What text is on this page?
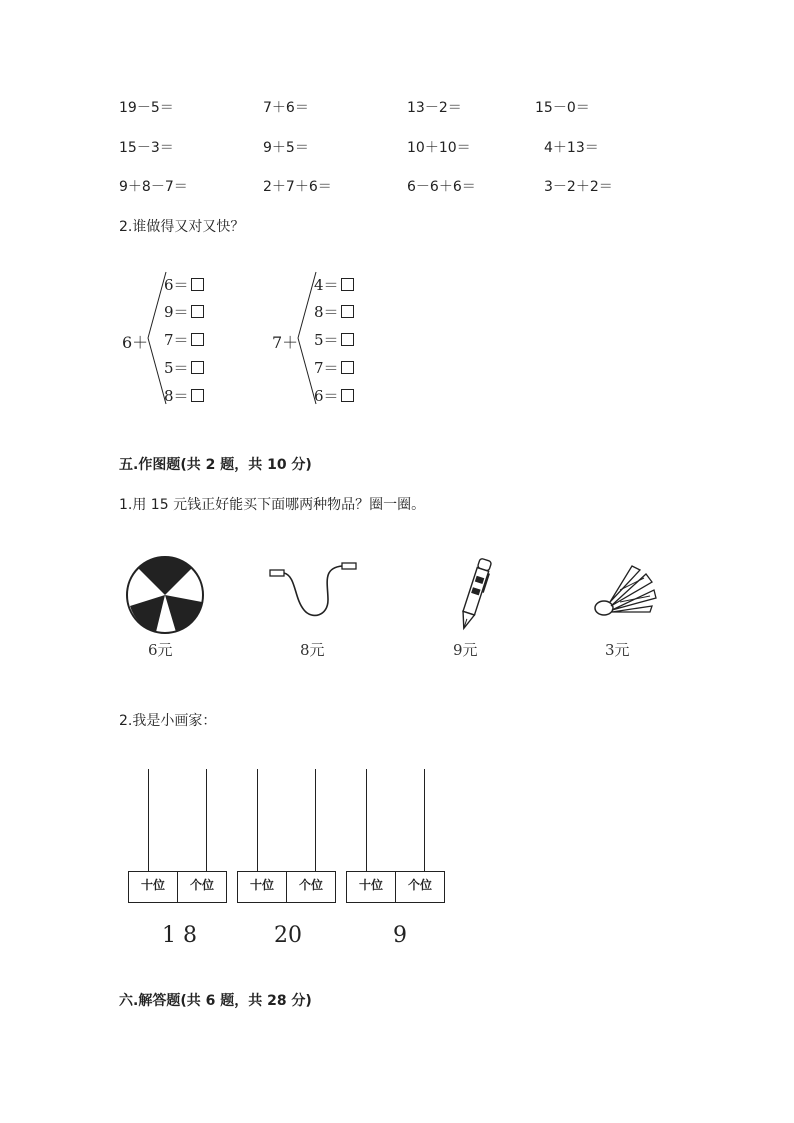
19－5＝	7＋6＝	13－2＝	15－0＝
15－3＝	9＋5＝	10＋10＝	4＋13＝
9＋8－7＝	2＋7＋6＝	6－6＋6＝	3－2＋2＝
2.谁做得又对又快？
6＋
6＝
9＝
7＝
5＝
8＝
7＋
4＝
8＝
5＝
7＝
6＝
五.作图题(共 2 题，共 10 分)
1.用 15 元钱正好能买下面哪两种物品？圈一圈。
6元	8元	9元	3元
2.我是小画家：
十位	个位
1 8
十位	个位
20
十位	个位
9
六.解答题(共 6 题，共 28 分)
